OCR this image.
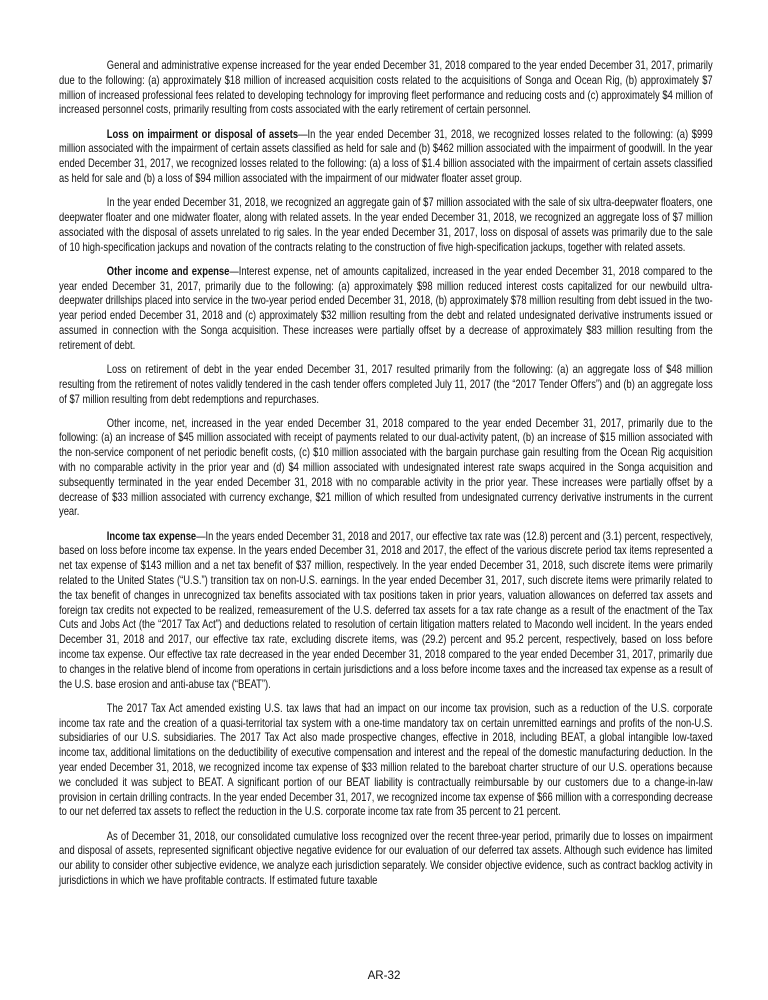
General and administrative expense increased for the year ended December 31, 2018 compared to the year ended December 31, 2017, primarily due to the following: (a) approximately $18 million of increased acquisition costs related to the acquisitions of Songa and Ocean Rig, (b) approximately $7 million of increased professional fees related to developing technology for improving fleet performance and reducing costs and (c) approximately $4 million of increased personnel costs, primarily resulting from costs associated with the early retirement of certain personnel.

Loss on impairment or disposal of assets—In the year ended December 31, 2018, we recognized losses related to the following: (a) $999 million associated with the impairment of certain assets classified as held for sale and (b) $462 million associated with the impairment of goodwill. In the year ended December 31, 2017, we recognized losses related to the following: (a) a loss of $1.4 billion associated with the impairment of certain assets classified as held for sale and (b) a loss of $94 million associated with the impairment of our midwater floater asset group.

In the year ended December 31, 2018, we recognized an aggregate gain of $7 million associated with the sale of six ultra-deepwater floaters, one deepwater floater and one midwater floater, along with related assets. In the year ended December 31, 2018, we recognized an aggregate loss of $7 million associated with the disposal of assets unrelated to rig sales. In the year ended December 31, 2017, loss on disposal of assets was primarily due to the sale of 10 high-specification jackups and novation of the contracts relating to the construction of five high-specification jackups, together with related assets.

Other income and expense—Interest expense, net of amounts capitalized, increased in the year ended December 31, 2018 compared to the year ended December 31, 2017, primarily due to the following: (a) approximately $98 million reduced interest costs capitalized for our newbuild ultra-deepwater drillships placed into service in the two-year period ended December 31, 2018, (b) approximately $78 million resulting from debt issued in the two-year period ended December 31, 2018 and (c) approximately $32 million resulting from the debt and related undesignated derivative instruments issued or assumed in connection with the Songa acquisition. These increases were partially offset by a decrease of approximately $83 million resulting from the retirement of debt.

Loss on retirement of debt in the year ended December 31, 2017 resulted primarily from the following: (a) an aggregate loss of $48 million resulting from the retirement of notes validly tendered in the cash tender offers completed July 11, 2017 (the “2017 Tender Offers”) and (b) an aggregate loss of $7 million resulting from debt redemptions and repurchases.

Other income, net, increased in the year ended December 31, 2018 compared to the year ended December 31, 2017, primarily due to the following: (a) an increase of $45 million associated with receipt of payments related to our dual-activity patent, (b) an increase of $15 million associated with the non-service component of net periodic benefit costs, (c) $10 million associated with the bargain purchase gain resulting from the Ocean Rig acquisition with no comparable activity in the prior year and (d) $4 million associated with undesignated interest rate swaps acquired in the Songa acquisition and subsequently terminated in the year ended December 31, 2018 with no comparable activity in the prior year. These increases were partially offset by a decrease of $33 million associated with currency exchange, $21 million of which resulted from undesignated currency derivative instruments in the current year.

Income tax expense—In the years ended December 31, 2018 and 2017, our effective tax rate was (12.8) percent and (3.1) percent, respectively, based on loss before income tax expense. In the years ended December 31, 2018 and 2017, the effect of the various discrete period tax items represented a net tax expense of $143 million and a net tax benefit of $37 million, respectively. In the year ended December 31, 2018, such discrete items were primarily related to the United States (“U.S.”) transition tax on non-U.S. earnings. In the year ended December 31, 2017, such discrete items were primarily related to the tax benefit of changes in unrecognized tax benefits associated with tax positions taken in prior years, valuation allowances on deferred tax assets and foreign tax credits not expected to be realized, remeasurement of the U.S. deferred tax assets for a tax rate change as a result of the enactment of the Tax Cuts and Jobs Act (the “2017 Tax Act”) and deductions related to resolution of certain litigation matters related to Macondo well incident. In the years ended December 31, 2018 and 2017, our effective tax rate, excluding discrete items, was (29.2) percent and 95.2 percent, respectively, based on loss before income tax expense. Our effective tax rate decreased in the year ended December 31, 2018 compared to the year ended December 31, 2017, primarily due to changes in the relative blend of income from operations in certain jurisdictions and a loss before income taxes and the increased tax expense as a result of the U.S. base erosion and anti-abuse tax (“BEAT”).

The 2017 Tax Act amended existing U.S. tax laws that had an impact on our income tax provision, such as a reduction of the U.S. corporate income tax rate and the creation of a quasi-territorial tax system with a one-time mandatory tax on certain unremitted earnings and profits of the non-U.S. subsidiaries of our U.S. subsidiaries. The 2017 Tax Act also made prospective changes, effective in 2018, including BEAT, a global intangible low-taxed income tax, additional limitations on the deductibility of executive compensation and interest and the repeal of the domestic manufacturing deduction. In the year ended December 31, 2018, we recognized income tax expense of $33 million related to the bareboat charter structure of our U.S. operations because we concluded it was subject to BEAT. A significant portion of our BEAT liability is contractually reimbursable by our customers due to a change-in-law provision in certain drilling contracts. In the year ended December 31, 2017, we recognized income tax expense of $66 million with a corresponding decrease to our net deferred tax assets to reflect the reduction in the U.S. corporate income tax rate from 35 percent to 21 percent.

As of December 31, 2018, our consolidated cumulative loss recognized over the recent three-year period, primarily due to losses on impairment and disposal of assets, represented significant objective negative evidence for our evaluation of our deferred tax assets. Although such evidence has limited our ability to consider other subjective evidence, we analyze each jurisdiction separately. We consider objective evidence, such as contract backlog activity in jurisdictions in which we have profitable contracts. If estimated future taxable

AR-32
